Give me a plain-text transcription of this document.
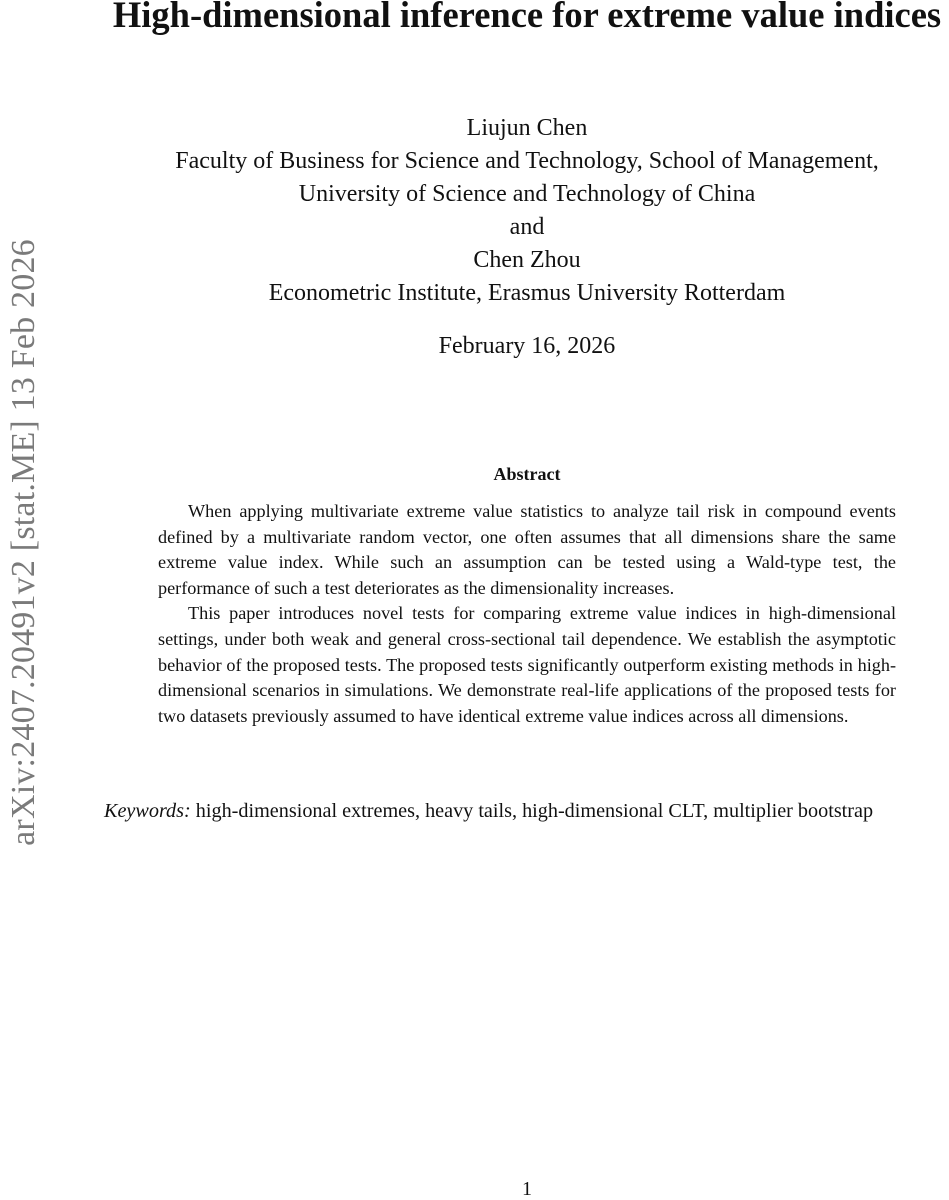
High-dimensional inference for extreme value indices
Liujun Chen
Faculty of Business for Science and Technology, School of Management,
University of Science and Technology of China
and
Chen Zhou
Econometric Institute, Erasmus University Rotterdam
February 16, 2026
Abstract

When applying multivariate extreme value statistics to analyze tail risk in compound events defined by a multivariate random vector, one often assumes that all dimensions share the same extreme value index. While such an assumption can be tested using a Wald-type test, the performance of such a test deteriorates as the dimensionality increases.

This paper introduces novel tests for comparing extreme value indices in high-dimensional settings, under both weak and general cross-sectional tail dependence. We establish the asymptotic behavior of the proposed tests. The proposed tests significantly outperform existing methods in high-dimensional scenarios in simulations. We demonstrate real-life applications of the proposed tests for two datasets previously assumed to have identical extreme value indices across all dimensions.

Keywords: high-dimensional extremes, heavy tails, high-dimensional CLT, multiplier bootstrap
arXiv:2407.20491v2 [stat.ME] 13 Feb 2026
1
